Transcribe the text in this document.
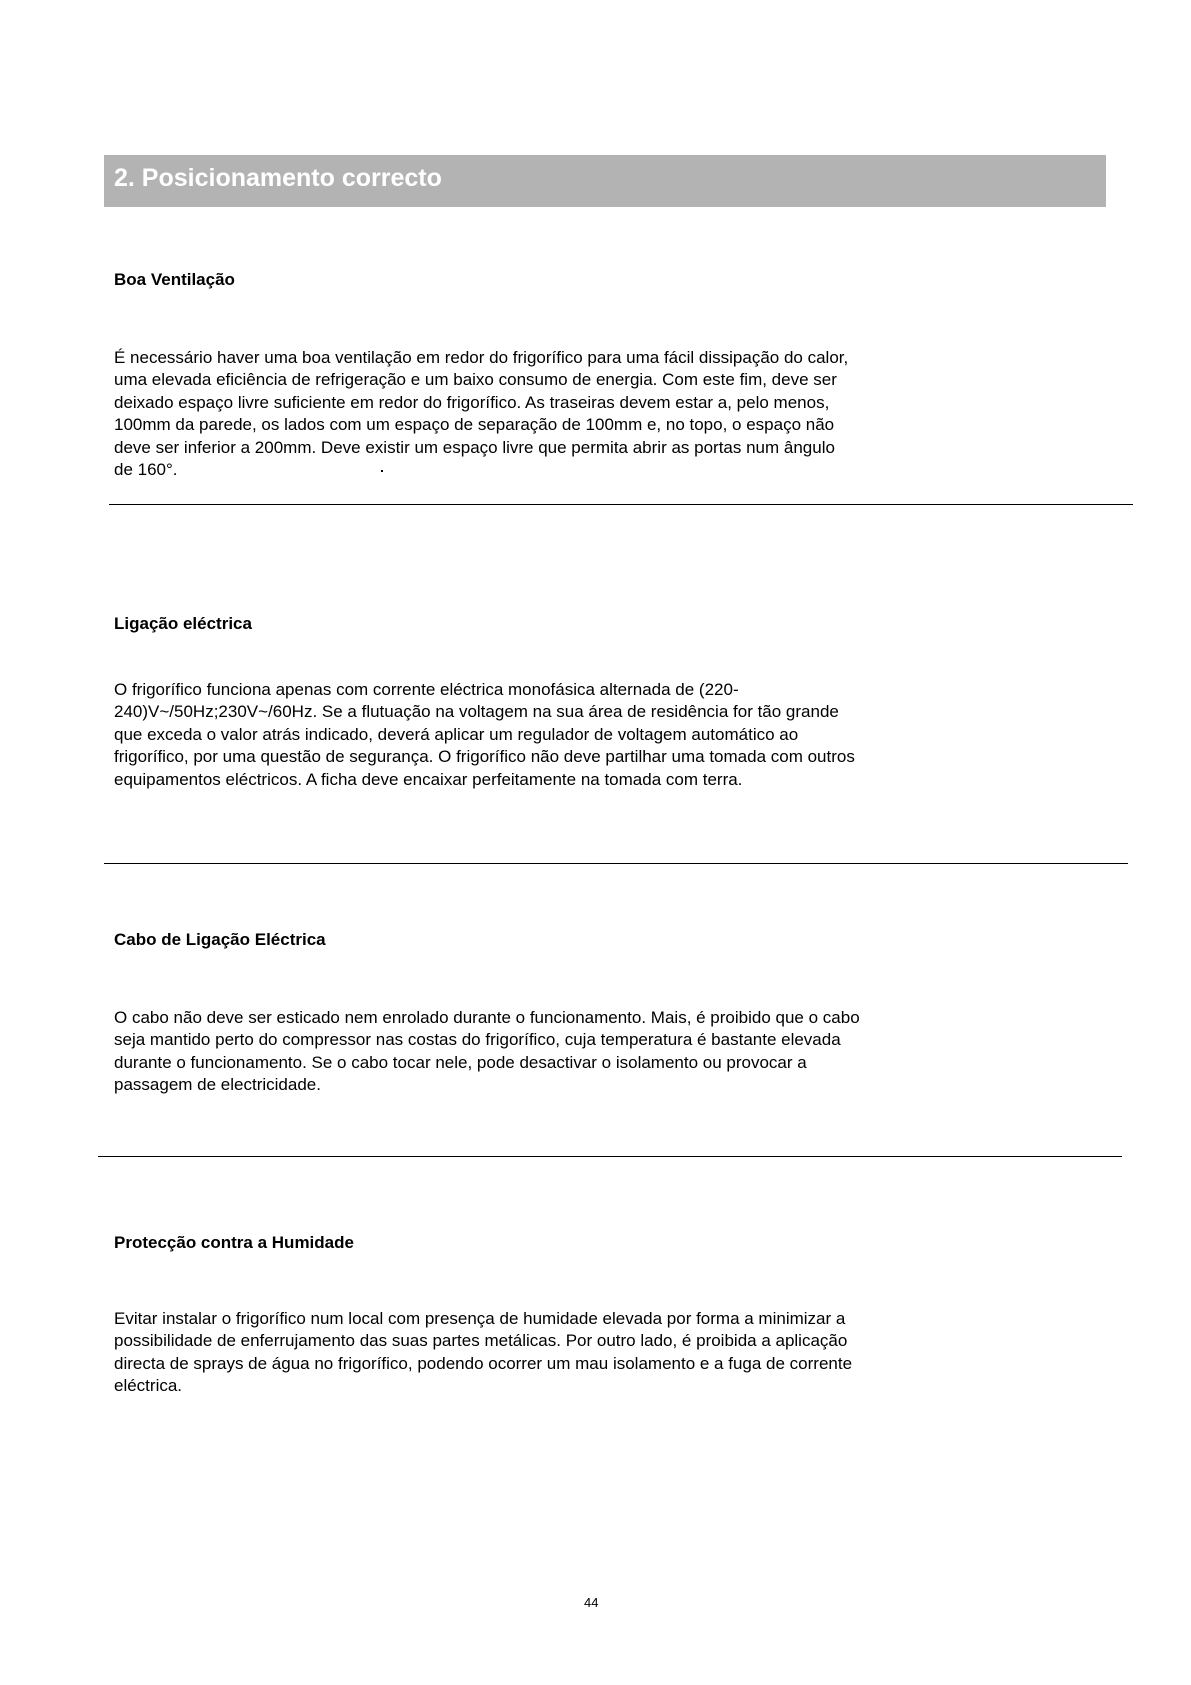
2. Posicionamento correcto
Boa Ventilação
É necessário haver uma boa ventilação em redor do frigorífico para uma fácil dissipação do calor,
uma elevada eficiência de refrigeração e um baixo consumo de energia. Com este fim, deve ser
deixado espaço livre suficiente em redor do frigorífico. As traseiras devem estar a, pelo menos,
100mm da parede, os lados com um espaço de separação de 100mm e, no topo, o espaço não
deve ser inferior a 200mm. Deve existir um espaço livre que permita abrir as portas num ângulo
de 160°.
Ligação eléctrica
O frigorífico funciona apenas com corrente eléctrica monofásica alternada de (220-
240)V~/50Hz;230V~/60Hz. Se a flutuação na voltagem na sua área de residência for tão grande
que exceda o valor atrás indicado, deverá aplicar um regulador de voltagem automático ao
frigorífico, por uma questão de segurança. O frigorífico não deve partilhar uma tomada com outros
equipamentos eléctricos. A ficha deve encaixar perfeitamente na tomada com terra.
Cabo de Ligação Eléctrica
O cabo não deve ser esticado nem enrolado durante o funcionamento. Mais, é proibido que o cabo
seja mantido perto do compressor nas costas do frigorífico, cuja temperatura é bastante elevada
durante o funcionamento. Se o cabo tocar nele, pode desactivar o isolamento ou provocar a
passagem de electricidade.
Protecção contra a Humidade
Evitar instalar o frigorífico num local com presença de humidade elevada por forma a minimizar a
possibilidade de enferrujamento das suas partes metálicas. Por outro lado, é proibida a aplicação
directa de sprays de água no frigorífico, podendo ocorrer um mau isolamento e a fuga de corrente
eléctrica.
44
